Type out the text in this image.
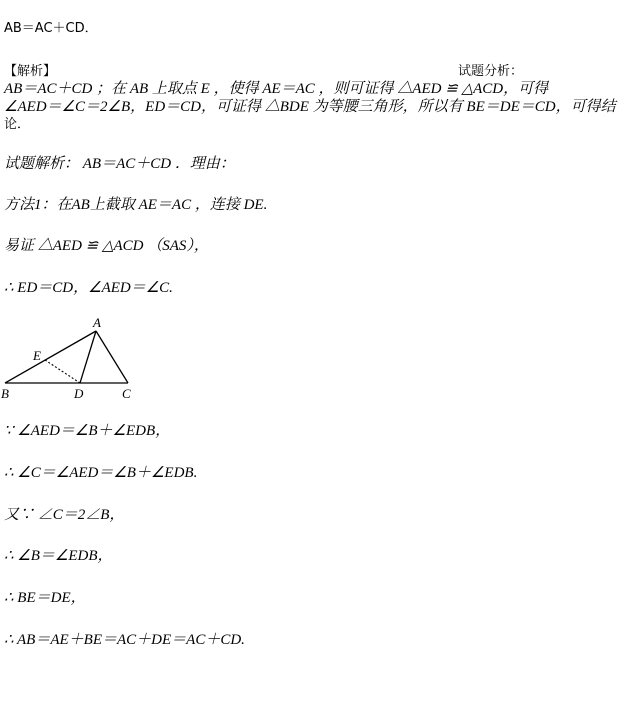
AB＝AC＋CD．
【解析】	试题分析：
AB＝AC＋CD ；在 AB 上取点 E ，使得 AE＝AC ，则可证得 △AED ≌ △ACD，可得
∠AED＝∠C＝2∠B，ED＝CD，可证得 △BDE 为等腰三角形，所以有 BE＝DE＝CD，可得结
论．
试题解析： AB＝AC＋CD ．理由：
方法1：在AB上截取 AE＝AC ，连接 DE.
易证 △AED ≌ △ACD （SAS），
∴ ED＝CD，∠AED＝∠C.
A
E
B	D	C
∵ ∠AED＝∠B＋∠EDB，
∴ ∠C＝∠AED＝∠B＋∠EDB.
又∵ ∠C＝2∠B，
∴ ∠B＝∠EDB，
∴ BE＝DE，
∴ AB＝AE＋BE＝AC＋DE＝AC＋CD.
